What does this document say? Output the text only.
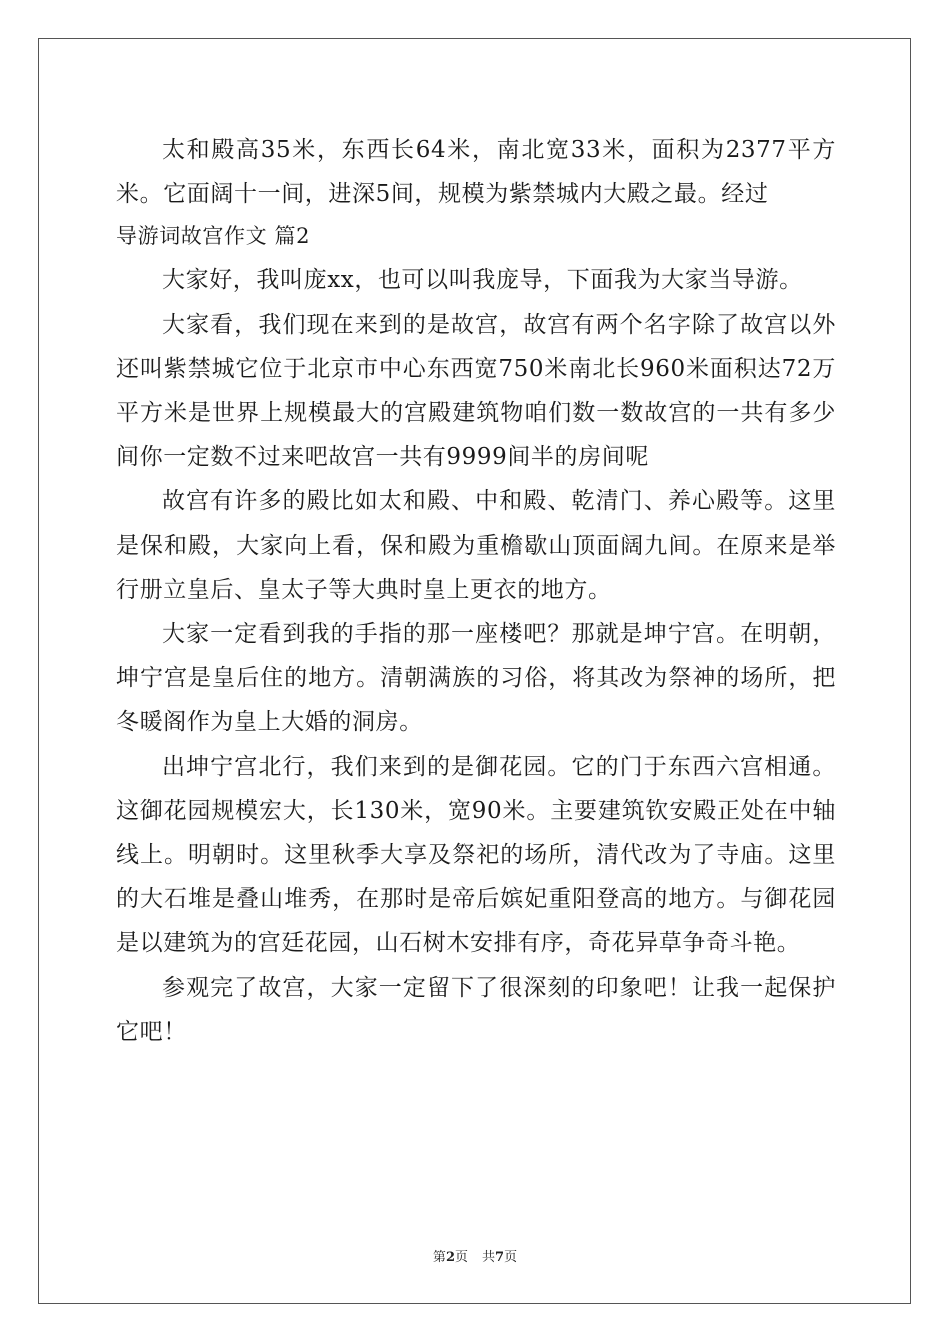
太和殿高35米，东西长64米，南北宽33米，面积为2377平方米。它面阔十一间，进深5间，规模为紫禁城内大殿之最。经过

导游词故宫作文 篇2

大家好，我叫庞xx，也可以叫我庞导，下面我为大家当导游。

大家看，我们现在来到的是故宫，故宫有两个名字除了故宫以外还叫紫禁城它位于北京市中心东西宽750米南北长960米面积达72万平方米是世界上规模最大的宫殿建筑物咱们数一数故宫的一共有多少间你一定数不过来吧故宫一共有9999间半的房间呢

故宫有许多的殿比如太和殿、中和殿、乾清门、养心殿等。这里是保和殿，大家向上看，保和殿为重檐歇山顶面阔九间。在原来是举行册立皇后、皇太子等大典时皇上更衣的地方。

大家一定看到我的手指的那一座楼吧？那就是坤宁宫。在明朝，坤宁宫是皇后住的地方。清朝满族的习俗，将其改为祭神的场所，把冬暖阁作为皇上大婚的洞房。

出坤宁宫北行，我们来到的是御花园。它的门于东西六宫相通。这御花园规模宏大，长130米，宽90米。主要建筑钦安殿正处在中轴线上。明朝时。这里秋季大享及祭祀的场所，清代改为了寺庙。这里的大石堆是叠山堆秀，在那时是帝后嫔妃重阳登高的地方。与御花园是以建筑为的宫廷花园，山石树木安排有序，奇花异草争奇斗艳。

参观完了故宫，大家一定留下了很深刻的印象吧！让我一起保护它吧！

第2页 共7页
